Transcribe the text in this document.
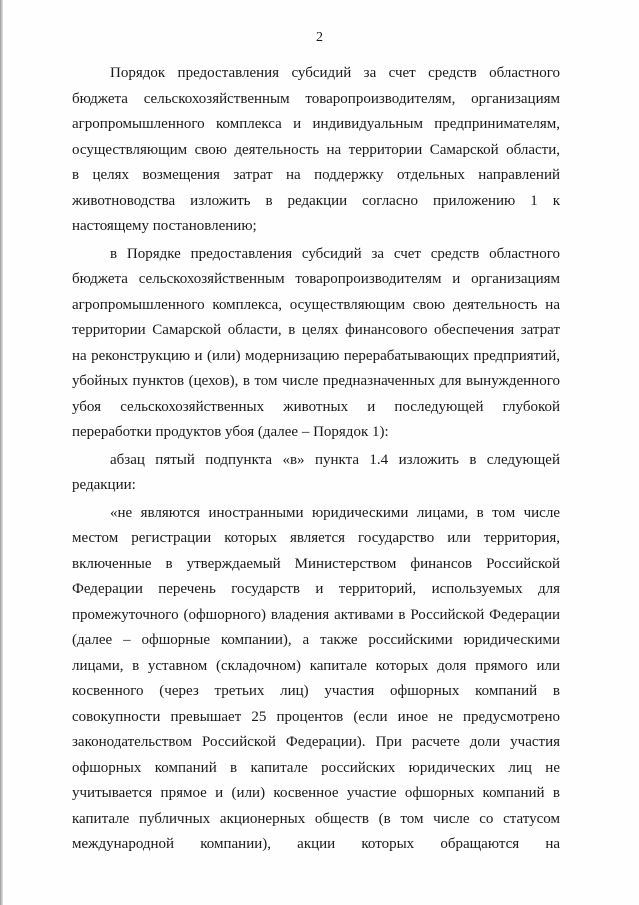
2
Порядок предоставления субсидий за счет средств областного
бюджета сельскохозяйственным товаропроизводителям, организациям
агропромышленного комплекса и индивидуальным предпринимателям,
осуществляющим свою деятельность на территории Самарской области,
в целях возмещения затрат на поддержку отдельных направлений
животноводства изложить в редакции согласно приложению 1 к
настоящему постановлению;
в Порядке предоставления субсидий за счет средств областного
бюджета сельскохозяйственным товаропроизводителям и организациям
агропромышленного комплекса, осуществляющим свою деятельность на
территории Самарской области, в целях финансового обеспечения затрат
на реконструкцию и (или) модернизацию перерабатывающих предприятий,
убойных пунктов (цехов), в том числе предназначенных для вынужденного
убоя сельскохозяйственных животных и последующей глубокой
переработки продуктов убоя (далее – Порядок 1):
абзац пятый подпункта «в» пункта 1.4 изложить в следующей
редакции:
«не являются иностранными юридическими лицами, в том числе
местом регистрации которых является государство или территория,
включенные в утверждаемый Министерством финансов Российской
Федерации перечень государств и территорий, используемых для
промежуточного (офшорного) владения активами в Российской Федерации
(далее – офшорные компании), а также российскими юридическими
лицами, в уставном (складочном) капитале которых доля прямого или
косвенного (через третьих лиц) участия офшорных компаний в
совокупности превышает 25 процентов (если иное не предусмотрено
законодательством Российской Федерации). При расчете доли участия
офшорных компаний в капитале российских юридических лиц не
учитывается прямое и (или) косвенное участие офшорных компаний в
капитале публичных акционерных обществ (в том числе со статусом
международной компании), акции которых обращаются на
